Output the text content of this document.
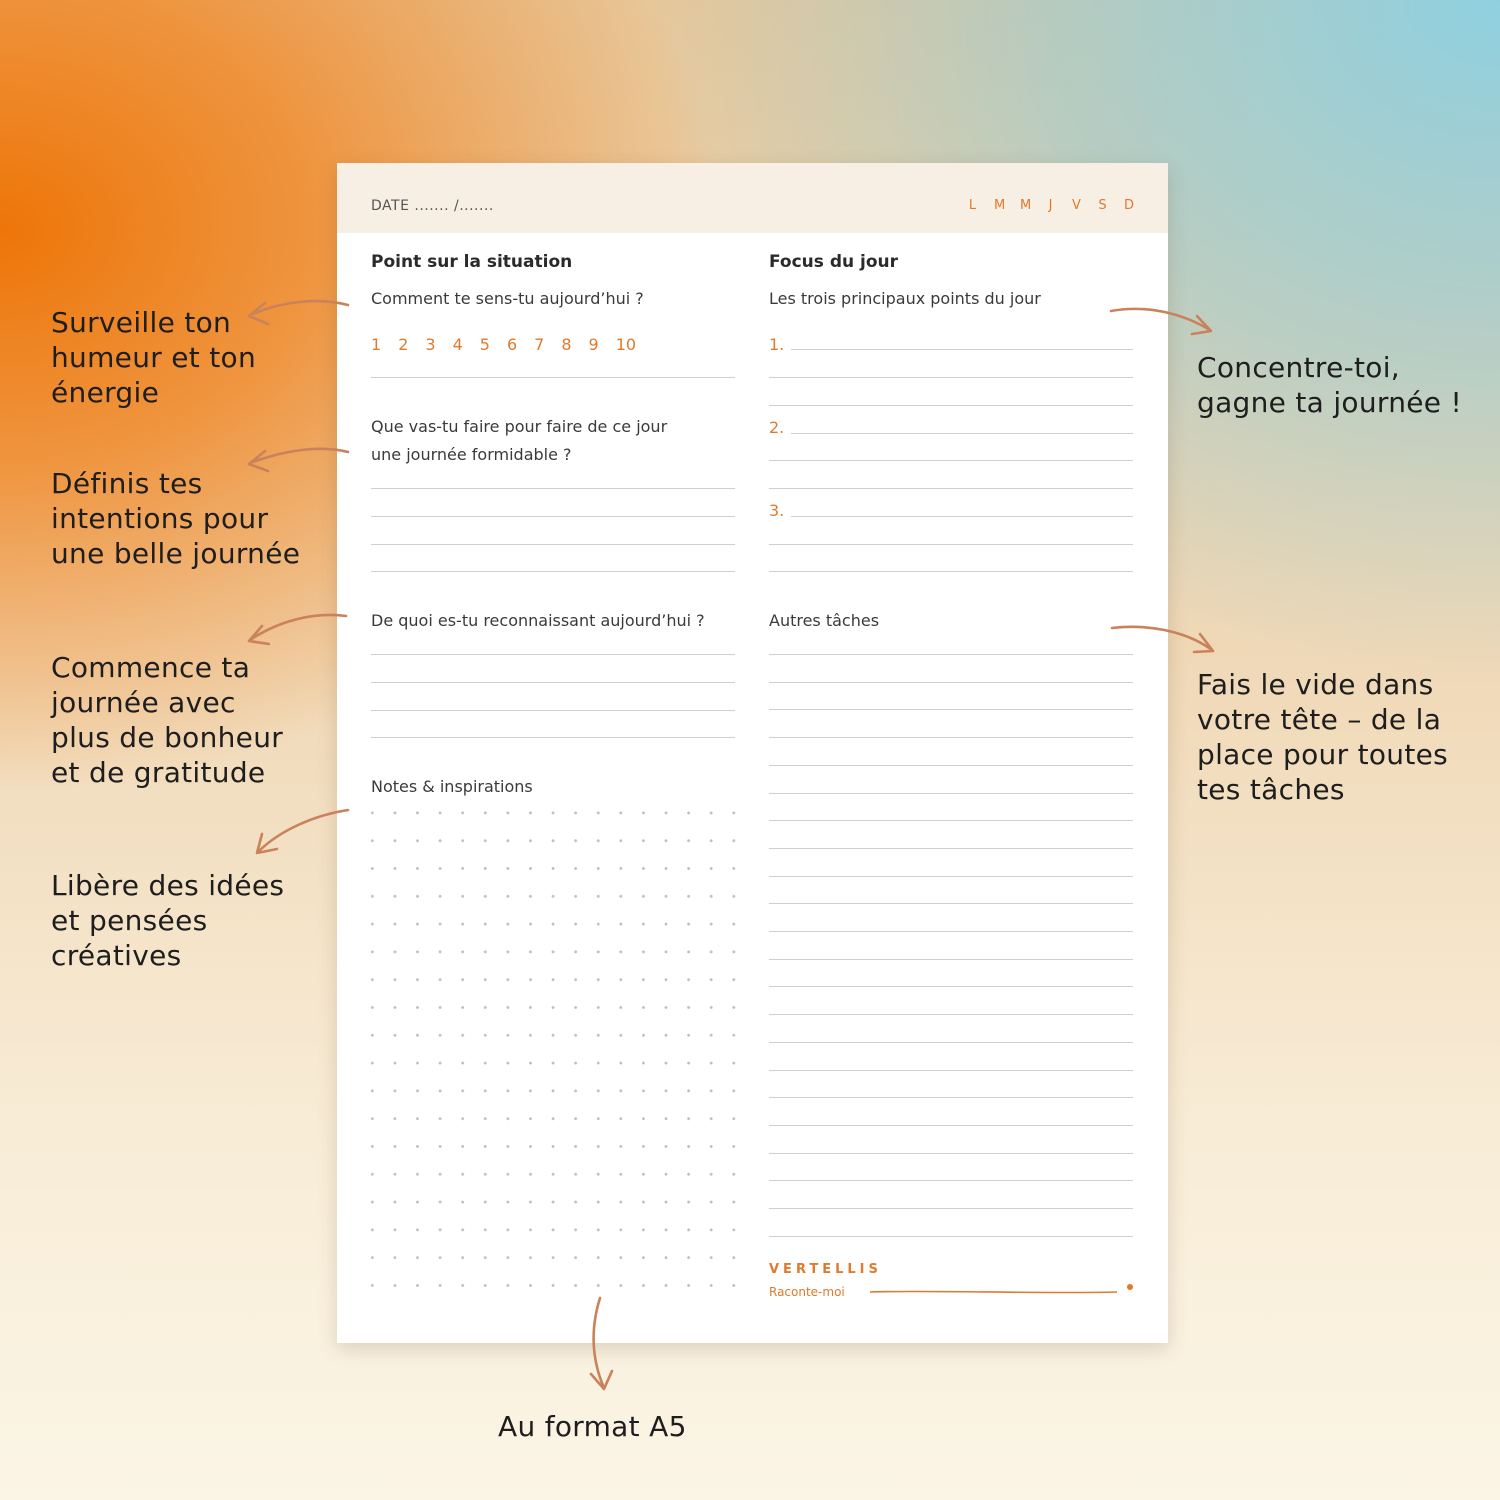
Surveille ton
humeur et ton
énergie
Définis tes
intentions pour
une belle journée
Commence ta
journée avec
plus de bonheur
et de gratitude
Libère des idées
et pensées
créatives
Concentre-toi,
gagne ta journée !
Fais le vide dans
votre tête – de la
place pour toutes
tes tâches
Au format A5
DATE ....... /.......	L M M J V S D
Point sur la situation
Comment te sens-tu aujourd’hui ?
1 2 3 4 5 6 7 8 9 10
Que vas-tu faire pour faire de ce jour
une journée formidable ?
De quoi es-tu reconnaissant aujourd’hui ?
Notes & inspirations
Focus du jour
Les trois principaux points du jour
1.
2.
3.
Autres tâches
VERTELLIS
Raconte-moi
